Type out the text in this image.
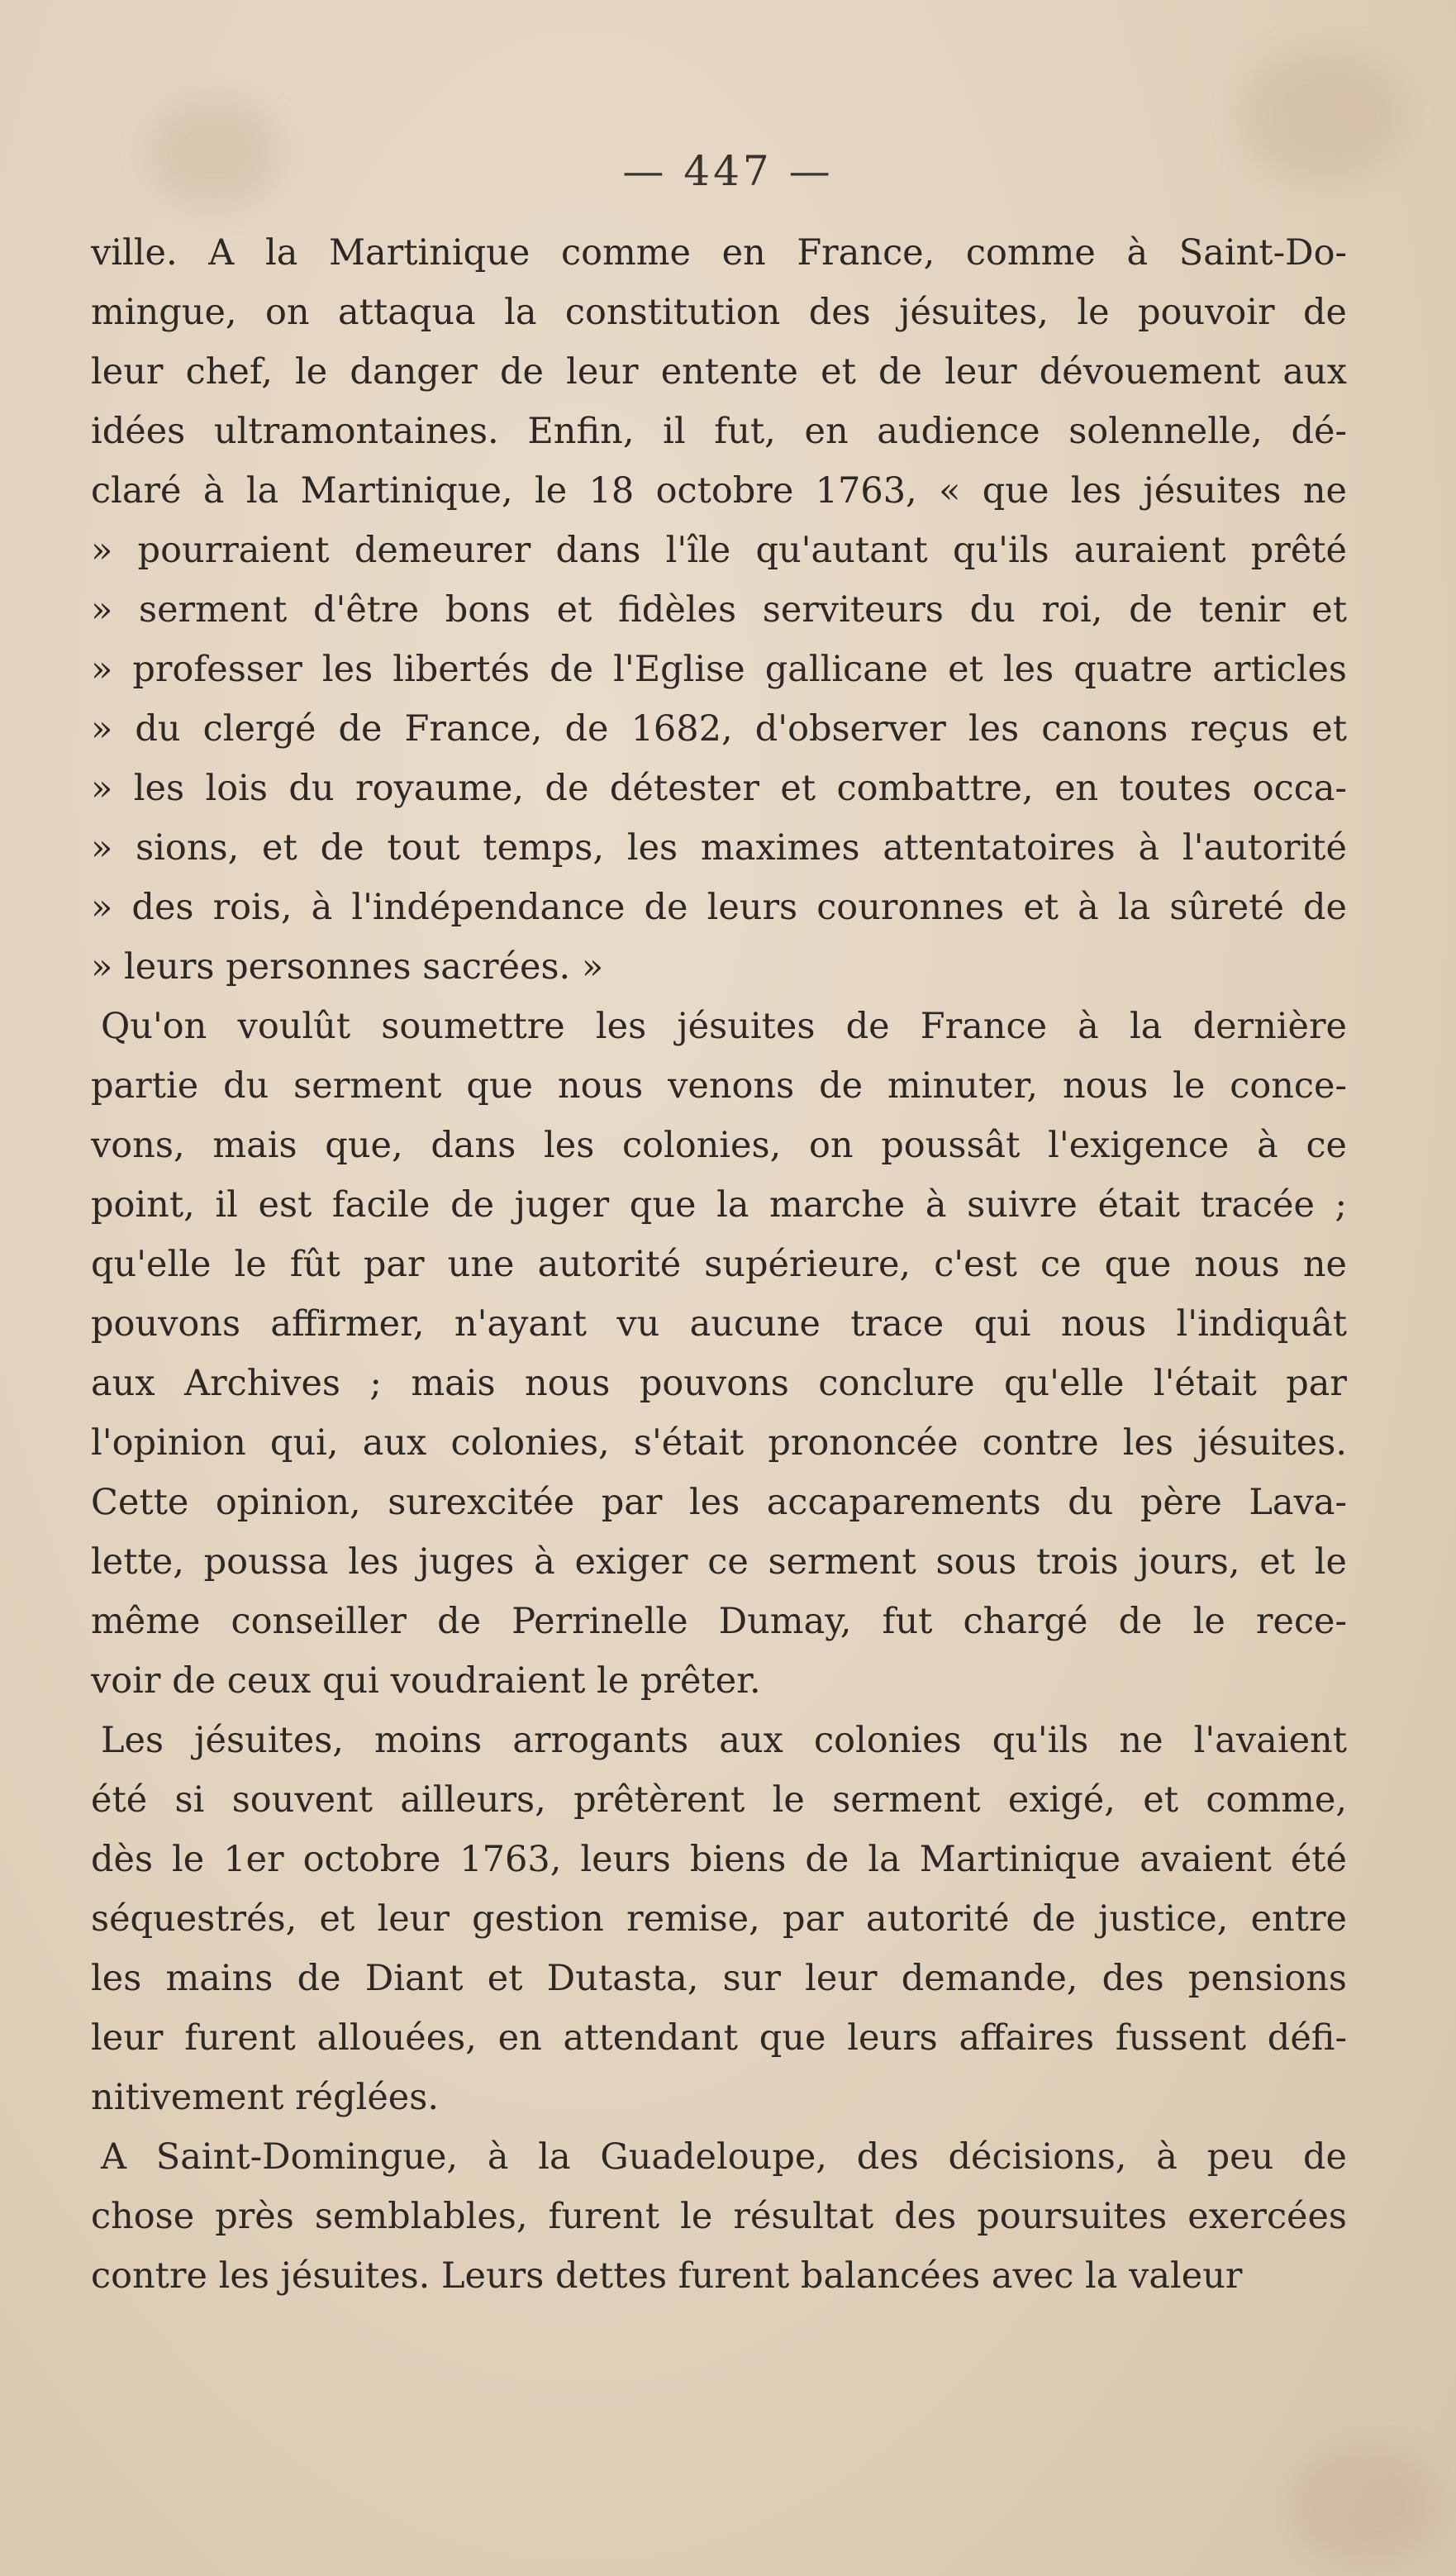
— 447 —
ville. A la Martinique comme en France, comme à Saint-Do-
mingue, on attaqua la constitution des jésuites, le pouvoir de
leur chef, le danger de leur entente et de leur dévouement aux
idées ultramontaines. Enfin, il fut, en audience solennelle, dé-
claré à la Martinique, le 18 octobre 1763, « que les jésuites ne
» pourraient demeurer dans l'île qu'autant qu'ils auraient prêté
» serment d'être bons et fidèles serviteurs du roi, de tenir et
» professer les libertés de l'Eglise gallicane et les quatre articles
» du clergé de France, de 1682, d'observer les canons reçus et
» les lois du royaume, de détester et combattre, en toutes occa-
» sions, et de tout temps, les maximes attentatoires à l'autorité
» des rois, à l'indépendance de leurs couronnes et à la sûreté de
» leurs personnes sacrées. »
Qu'on voulût soumettre les jésuites de France à la dernière
partie du serment que nous venons de minuter, nous le conce-
vons, mais que, dans les colonies, on poussât l'exigence à ce
point, il est facile de juger que la marche à suivre était tracée ;
qu'elle le fût par une autorité supérieure, c'est ce que nous ne
pouvons affirmer, n'ayant vu aucune trace qui nous l'indiquât
aux Archives ; mais nous pouvons conclure qu'elle l'était par
l'opinion qui, aux colonies, s'était prononcée contre les jésuites.
Cette opinion, surexcitée par les accaparements du père Lava-
lette, poussa les juges à exiger ce serment sous trois jours, et le
même conseiller de Perrinelle Dumay, fut chargé de le rece-
voir de ceux qui voudraient le prêter.
Les jésuites, moins arrogants aux colonies qu'ils ne l'avaient
été si souvent ailleurs, prêtèrent le serment exigé, et comme,
dès le 1er octobre 1763, leurs biens de la Martinique avaient été
séquestrés, et leur gestion remise, par autorité de justice, entre
les mains de Diant et Dutasta, sur leur demande, des pensions
leur furent allouées, en attendant que leurs affaires fussent défi-
nitivement réglées.
A Saint-Domingue, à la Guadeloupe, des décisions, à peu de
chose près semblables, furent le résultat des poursuites exercées
contre les jésuites. Leurs dettes furent balancées avec la valeur
